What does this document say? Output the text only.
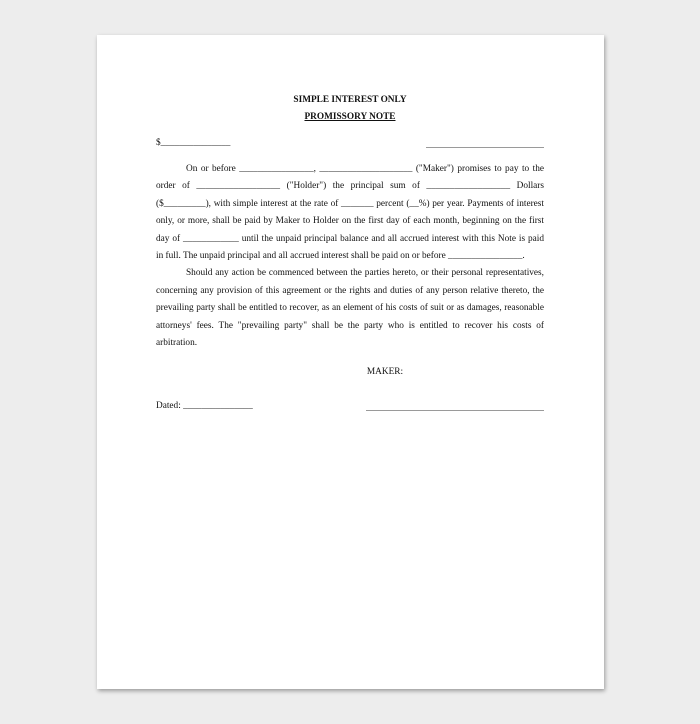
SIMPLE INTEREST ONLY

PROMISSORY NOTE

$_______________

On or before ________________, ____________________ ("Maker") promises to pay to the order of __________________ ("Holder") the principal sum of __________________ Dollars ($_________), with simple interest at the rate of _______ percent (__%) per year. Payments of interest only, or more, shall be paid by Maker to Holder on the first day of each month, beginning on the first day of ____________ until the unpaid principal balance and all accrued interest with this Note is paid in full. The unpaid principal and all accrued interest shall be paid on or before ________________.

Should any action be commenced between the parties hereto, or their personal representatives, concerning any provision of this agreement or the rights and duties of any person relative thereto, the prevailing party shall be entitled to recover, as an element of his costs of suit or as damages, reasonable attorneys' fees. The "prevailing party" shall be the party who is entitled to recover his costs of arbitration.

MAKER:
Dated: _______________
